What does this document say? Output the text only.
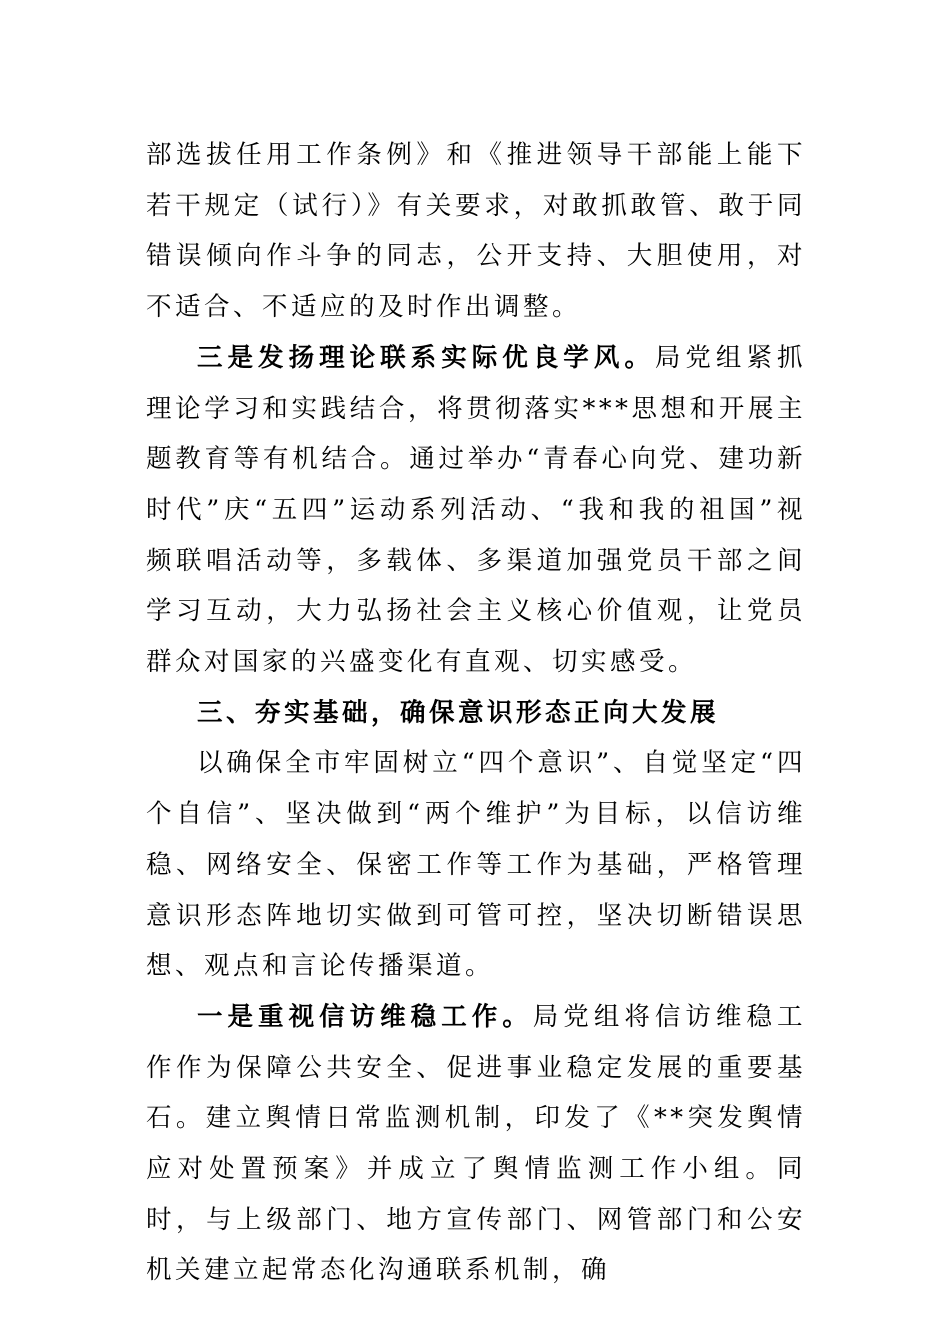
部选拔任用工作条例》和《推进领导干部能上能下若干规定（试行）》有关要求，对敢抓敢管、敢于同错误倾向作斗争的同志，公开支持、大胆使用，对不适合、不适应的及时作出调整。

三是发扬理论联系实际优良学风。局党组紧抓理论学习和实践结合，将贯彻落实***思想和开展主题教育等有机结合。通过举办“青春心向党、建功新时代”庆“五四”运动系列活动、“我和我的祖国”视频联唱活动等，多载体、多渠道加强党员干部之间学习互动，大力弘扬社会主义核心价值观，让党员群众对国家的兴盛变化有直观、切实感受。

三、夯实基础，确保意识形态正向大发展

以确保全市牢固树立“四个意识”、自觉坚定“四个自信”、坚决做到“两个维护”为目标，以信访维稳、网络安全、保密工作等工作为基础，严格管理意识形态阵地切实做到可管可控，坚决切断错误思想、观点和言论传播渠道。

一是重视信访维稳工作。局党组将信访维稳工作作为保障公共安全、促进事业稳定发展的重要基石。建立舆情日常监测机制，印发了《**突发舆情应对处置预案》并成立了舆情监测工作小组。同时，与上级部门、地方宣传部门、网管部门和公安机关建立起常态化沟通联系机制，确
